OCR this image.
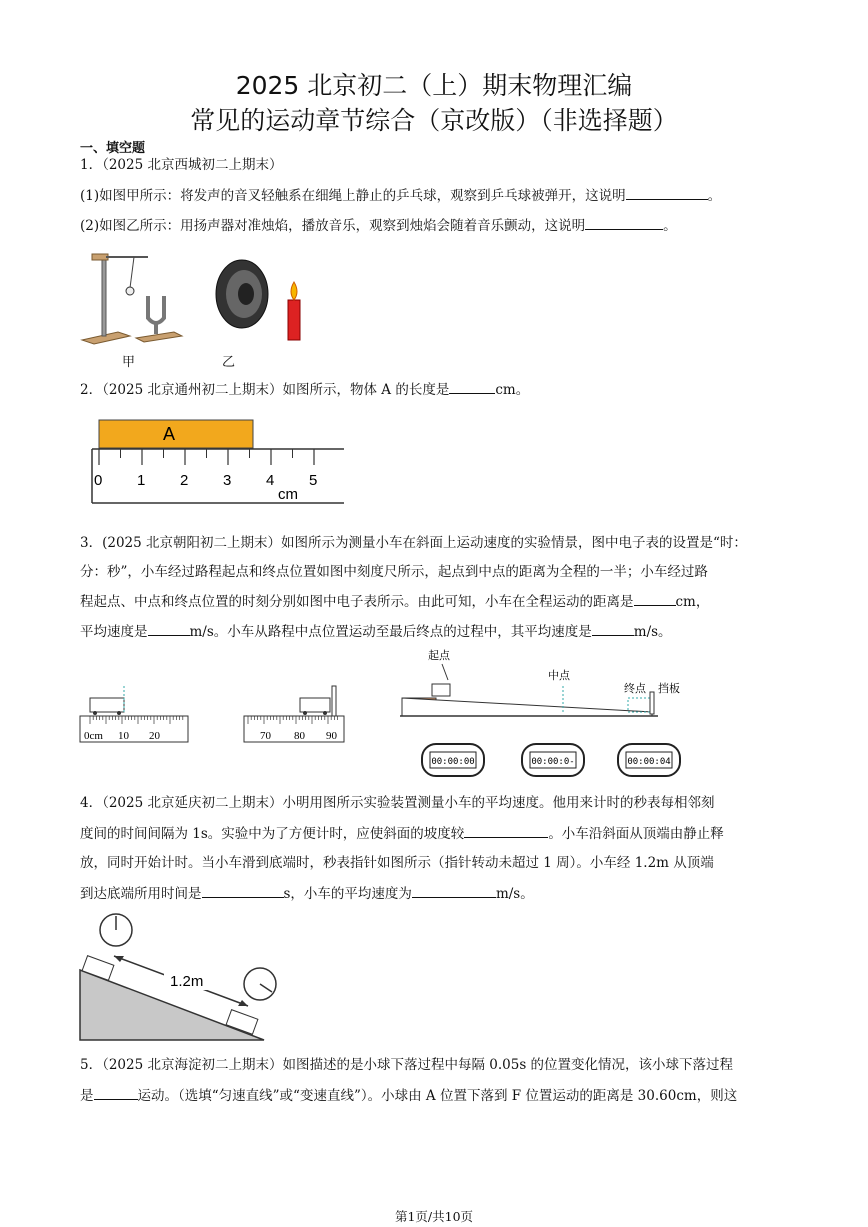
2025 北京初二（上）期末物理汇编
常见的运动章节综合（京改版）（非选择题）
一、填空题
1．（2025 北京西城初二上期末）
(1)如图甲所示：将发声的音叉轻触系在细绳上静止的乒乓球，观察到乒乓球被弹开，这说明	。
(2)如图乙所示：用扬声器对准烛焰，播放音乐，观察到烛焰会随着音乐颤动，这说明	。
甲	乙
2．（2025 北京通州初二上期末）如图所示，物体 A 的长度是	cm。
A
0 1 2 3 4 5
cm
3．(2025 北京朝阳初二上期末）如图所示为测量小车在斜面上运动速度的实验情景，图中电子表的设置是“时：
分：秒”，小车经过路程起点和终点位置如图中刻度尺所示，起点到中点的距离为全程的一半；小车经过路
程起点、中点和终点位置的时刻分别如图中电子表所示。由此可知，小车在全程运动的距离是	cm，
平均速度是	m/s。小车从路程中点位置运动至最后终点的过程中，其平均速度是	m/s。
0cm 10 20	70 80 90
起点
中点
终点 挡板
00:00:00	00:00:0-	00:00:04
4．（2025 北京延庆初二上期末）小明用图所示实验装置测量小车的平均速度。他用来计时的秒表每相邻刻
度间的时间间隔为 1s。实验中为了方便计时，应使斜面的坡度较	。小车沿斜面从顶端由静止释
放，同时开始计时。当小车滑到底端时，秒表指针如图所示（指针转动未超过 1 周）。小车经 1.2m 从顶端
到达底端所用时间是	s，小车的平均速度为	m/s。
1.2m
5．（2025 北京海淀初二上期末）如图描述的是小球下落过程中每隔 0.05s 的位置变化情况，该小球下落过程
是	运动。（选填“匀速直线”或“变速直线”）。小球由 A 位置下落到 F 位置运动的距离是 30.60cm，则这
第1页/共10页
